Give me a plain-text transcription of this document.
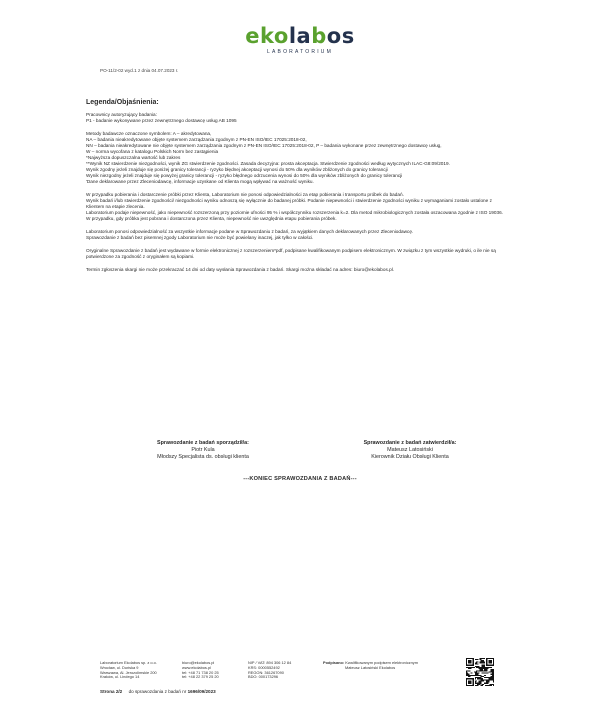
ekolabos
LABORATORIUM
PO-11/2-02 wyd.1 z dnia 04.07.2023 r.
Legenda/Objaśnienia:

Pracownicy autoryzujący badania:

P1 - badanie wykonywane przez zewnętrznego dostawcę usług AB 1095

Metody badawcze oznaczone symbolem: A – akredytowana,

NA – badania nieakredytowane objęte systemem zarządzania zgodnym z PN-EN ISO/IEC 17025:2018-02,

NN – badania nieakredytowane nie objęte systemem zarządzania zgodnym z PN-EN ISO/IEC 17025:2018-02, P – badania wykonane przez zewnętrznego dostawcę usług,

W – norma wycofana z katalogu Polskich Norm bez zastąpienia

*Najwyższa dopuszczalna wartość lub zakres

**Wynik NZ stwierdzenie niezgodności, wynik ZG stwierdzenie zgodności. Zasada decyzyjna: prosta akceptacja. Stwierdzenie zgodności według wytycznych ILAC-G8:09/2019.

Wynik zgodny jeżeli znajduje się poniżej granicy tolerancji - ryzyko błędnej akceptacji wynosi do 50% dla wyników zbliżonych do granicy tolerancji

Wynik niezgodny jeżeli znajduje się powyżej granicy tolerancji - ryzyko błędnego odrzucenia wynosi do 50% dla wyników zbliżonych do granicy tolerancji

'Dane deklarowane przez Zleceniodawcę, informacje uzyskane od Klienta mogą wpływać na ważność wyniku.

W przypadku pobierania i dostarczenie próbki przez Klienta, Laboratorium nie ponosi odpowiedzialności za etap pobierania i transportu próbek do badań.

Wynik badań i/lub stwierdzenie zgodności/ niezgodności wyniku odnoszą się wyłącznie do badanej próbki. Podanie niepewności i stwierdzenie zgodności wyniku z wymaganiami zostało ustalone z Klientem na etapie zlecenia.

Laboratorium podaje niepewność, jako niepewność rozszerzoną przy poziomie ufności 95 % i współczynniku rozszerzenia k=2. Dla metod mikrobiologicznych została oszacowana zgodnie z ISO 19036. W przypadku, gdy próbka jest pobrana i dostarczona przez Klienta, niepewność nie uwzględnia etapu pobierania próbek.

Laboratorium ponosi odpowiedzialność za wszystkie informacje podane w Sprawozdaniu z badań, za wyjątkiem danych deklarowanych przez Zleceniodawcę.

Sprawozdanie z badań bez pisemnej zgody Laboratorium nie może być powielany inaczej, jak tylko w całości.

Oryginalne Sprawozdanie z badań jest wydawane w formie elektronicznej z rozszerzeniem*pdf, podpisane kwalifikowanym podpisem elektronicznym. W związku z tym wszystkie wydruki, o ile nie są potwierdzone za zgodność z oryginałem są kopiami.

Termin zgłoszenia skargi nie może przekraczać 14 dni od daty wysłania Sprawozdania z badań. Skargi można składać na adres: biuro@ekolabos.pl.

Sprawozdanie z badań sporządził/a:
Piotr Kula
Młodszy Specjalista ds. obsługi klienta
Sprawozdanie z badań zatwierdził/a:
Mateusz Latosiński
Kierownik Działu Obsługi Klienta
---KONIEC SPRAWOZDANIA Z BADAŃ---
Laboratorium Ekolabos sp. z o.o.
Wrocław, ul. Duńska 9
Warszawa, Al. Jerozolimskie 200
Kraków, ul. Lindego 14
biuro@ekolabos.pl
www.ekolabos.pl
tel: +48 71 738 20 25
tel: +48 22 379 25 20
NIP / VAT: 894 306 12 84
KRS: 0000552492
REGON: 361267090
BDO: 000173296
Podpisano: Kwalifikowanym podpisem elektronicznym
Mateusz Latosiński Ekolabos
Strona 2/2 do sprawozdania z badań nr 1696/09/2023
